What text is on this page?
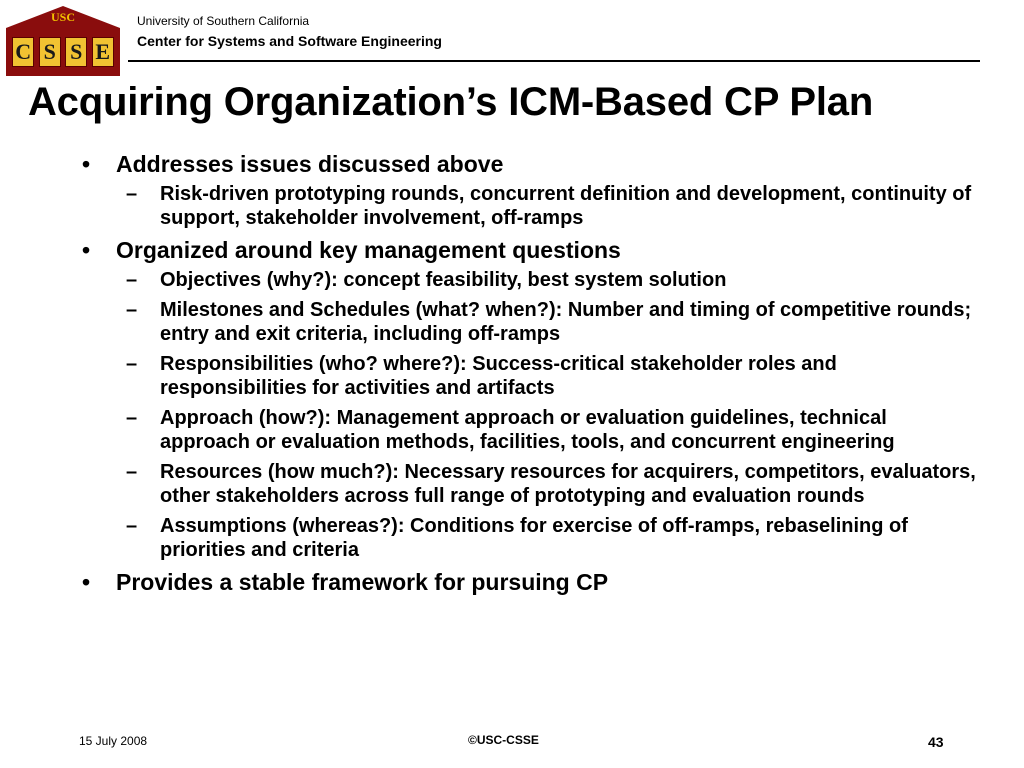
USC
C S S E
University of Southern California
Center for Systems and Software Engineering
Acquiring Organization’s ICM-Based CP Plan
• Addresses issues discussed above
– Risk-driven prototyping rounds, concurrent definition and development, continuity of support, stakeholder involvement, off-ramps
• Organized around key management questions
– Objectives (why?): concept feasibility, best system solution
– Milestones and Schedules (what? when?): Number and timing of competitive rounds; entry and exit criteria, including off-ramps
– Responsibilities (who? where?): Success-critical stakeholder roles and responsibilities for activities and artifacts
– Approach (how?): Management approach or evaluation guidelines, technical approach or evaluation methods, facilities, tools, and concurrent engineering
– Resources (how much?): Necessary resources for acquirers, competitors, evaluators, other stakeholders across full range of prototyping and evaluation rounds
– Assumptions (whereas?): Conditions for exercise of off-ramps, rebaselining of priorities and criteria
• Provides a stable framework for pursuing CP
15 July 2008	©USC-CSSE	43
